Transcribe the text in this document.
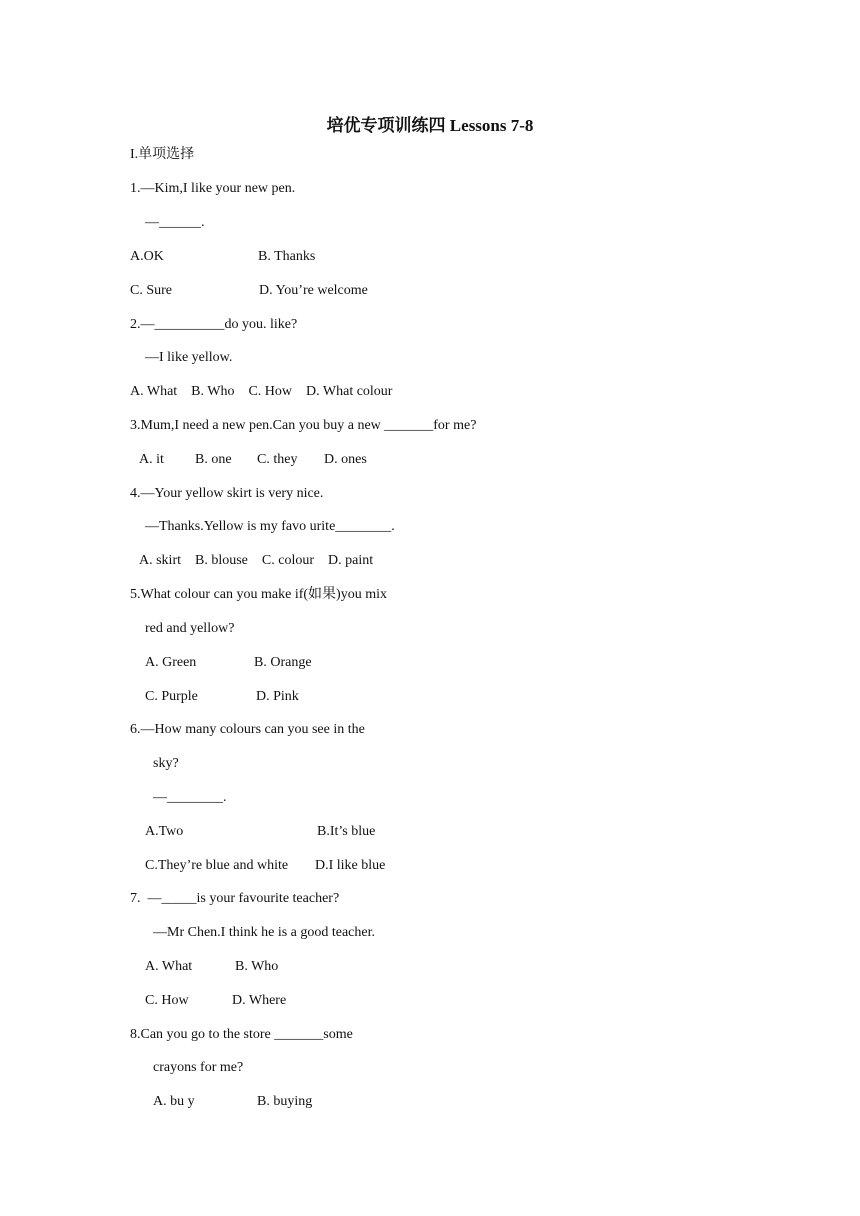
培优专项训练四 Lessons 7-8
I.单项选择
1.—Kim,I like your new pen.
—______.
A.OK	B. Thanks
C. Sure	D. You’re welcome
2.—__________do you. like?
—I like yellow.
A. What    B. Who    C. How    D. What colour
3.Mum,I need a new pen.Can you buy a new _______for me?
A. it B. one C. they D. ones
4.—Your yellow skirt is very nice.
—Thanks.Yellow is my favo urite________.
A. skirt    B. blouse    C. colour    D. paint
5.What colour can you make if(如果)you mix
red and yellow?
A. Green	B. Orange
C. Purple	D. Pink
6.—How many colours can you see in the
sky?
—________.
A.Two	B.It’s blue
C.They’re blue and white D.I like blue
7.  —_____is your favourite teacher?
—Mr Chen.I think he is a good teacher.
A. What	B. Who
C. How	D. Where
8.Can you go to the store _______some
crayons for me?
A. bu y	B. buying
